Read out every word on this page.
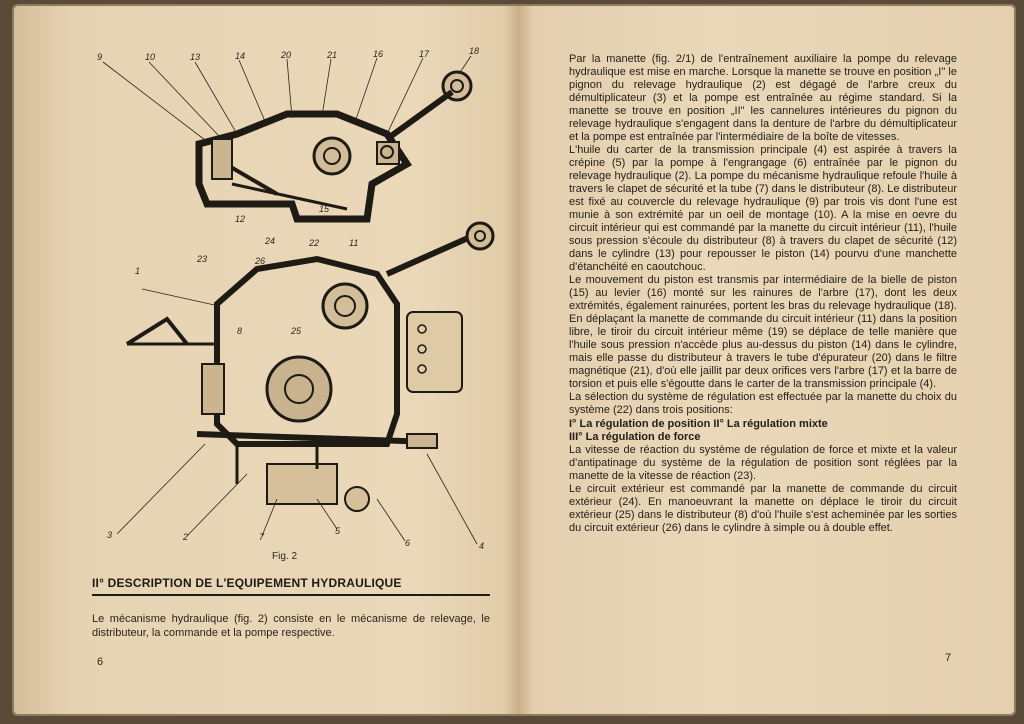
9	10	13	14	20	21	16	17	18
12
15
23
24
26
22	11
1
2
3
4
5
6
7
8	25
Fig. 2
II° DESCRIPTION DE L'EQUIPEMENT HYDRAULIQUE
Le mécanisme hydraulique (fig. 2) consiste en le mécanisme de relevage, le distributeur, la commande et la pompe respective.
6

Par la manette (fig. 2/1) de l'entraînement auxiliaire la pompe du relevage hydraulique est mise en marche. Lorsque la manette se trouve en position „I" le pignon du relevage hydraulique (2) est dégagé de l'arbre creux du démultiplicateur (3) et la pompe est entraînée au régime standard. Si la manette se trouve en position „II" les cannelures intérieures du pignon du relevage hydraulique s'engagent dans la denture de l'arbre du démultiplicateur et la pompe est entraînée par l'intermédiaire de la boîte de vitesses.

L'huile du carter de la transmission principale (4) est aspirée à travers la crépine (5) par la pompe à l'engrangage (6) entraînée par le pignon du relevage hydraulique (2). La pompe du mécanisme hydraulique refoule l'huile à travers le clapet de sécurité et la tube (7) dans le distributeur (8). Le distributeur est fixé au couvercle du relevage hydraulique (9) par trois vis dont l'une est munie à son extrémité par un oeil de montage (10). A la mise en oevre du circuit intérieur qui est commandé par la manette du circuit intérieur (11), l'huile sous pression s'écoule du distributeur (8) à travers du clapet de sécurité (12) dans le cylindre (13) pour repousser le piston (14) pourvu d'une manchette d'étanchéité en caoutchouc.

Le mouvement du piston est transmis par intermédiaire de la bielle de piston (15) au levier (16) monté sur les rainures de l'arbre (17), dont les deux extrémités, également rainurées, portent les bras du relevage hydraulique (18). En déplaçant la manette de commande du circuit intérieur (11) dans la position libre, le tiroir du circuit intérieur même (19) se déplace de telle manière que l'huile sous pression n'accède plus au-dessus du piston (14) dans le cylindre, mais elle passe du distributeur à travers le tube d'épurateur (20) dans le filtre magnétique (21), d'où elle jaillit par deux orifices vers l'arbre (17) et la barre de torsion et puis elle s'égoutte dans le carter de la transmission principale (4).

La sélection du système de régulation est effectuée par la manette du choix du système (22) dans trois positions:

I° La régulation de position II° La régulation mixte
III° La régulation de force

La vitesse de réaction du système de régulation de force et mixte et la valeur d'antipatinage du système de la régulation de position sont réglées par la manette de la vitesse de réaction (23).

Le circuit extérieur est commandé par la manette de commande du circuit extérieur (24). En manoeuvrant la manette on déplace le tiroir du circuit extérieur (25) dans le distributeur (8) d'où l'huile s'est acheminée par les sorties du circuit extérieur (26) dans le cylindre à simple ou à double effet.

7
